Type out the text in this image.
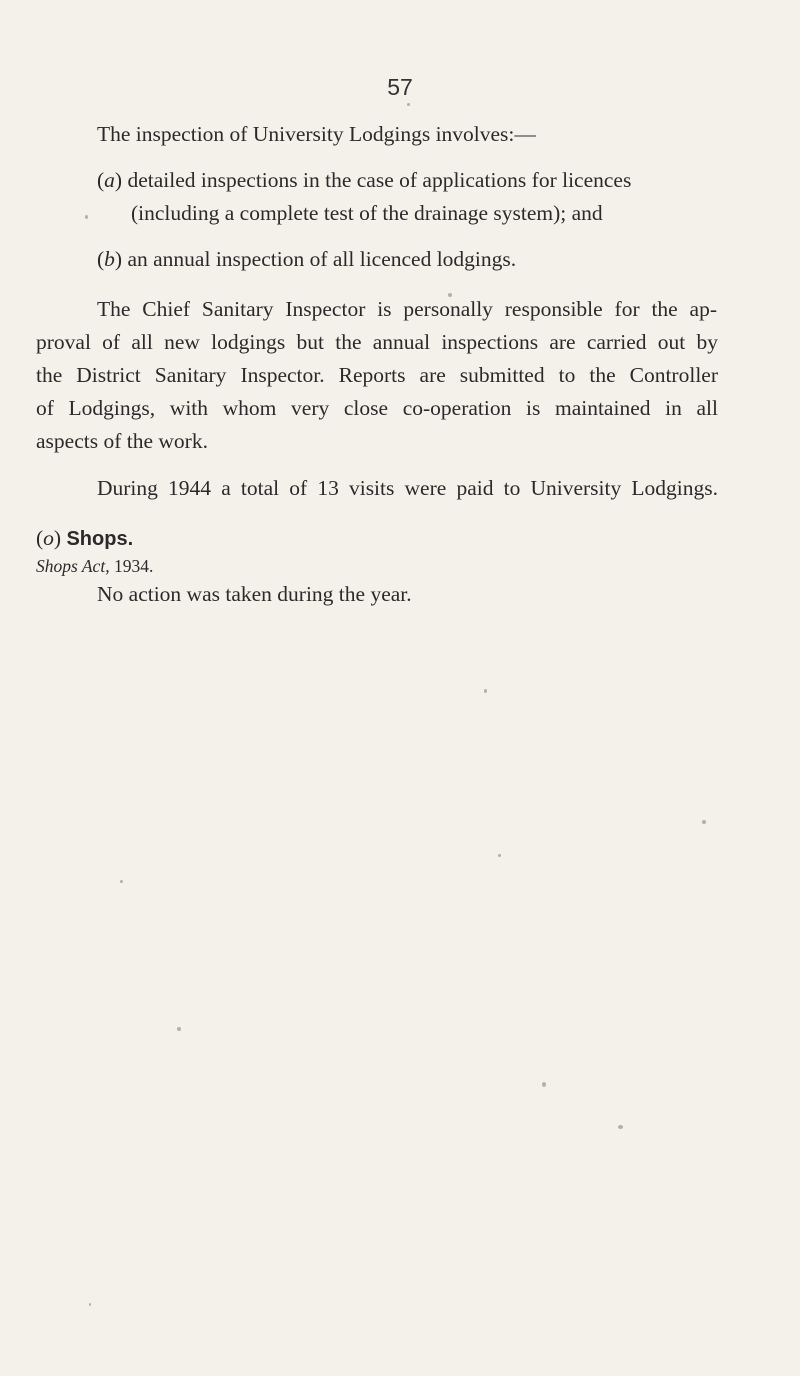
57
The inspection of University Lodgings involves:—
(a) detailed inspections in the case of applications for licences
(including a complete test of the drainage system); and
(b) an annual inspection of all licenced lodgings.
The Chief Sanitary Inspector is personally responsible for the ap-
proval of all new lodgings but the annual inspections are carried out by
the District Sanitary Inspector. Reports are submitted to the Controller
of Lodgings, with whom very close co-operation is maintained in all
aspects of the work.
During 1944 a total of 13 visits were paid to University Lodgings.
(o) Shops.
Shops Act, 1934.
No action was taken during the year.
